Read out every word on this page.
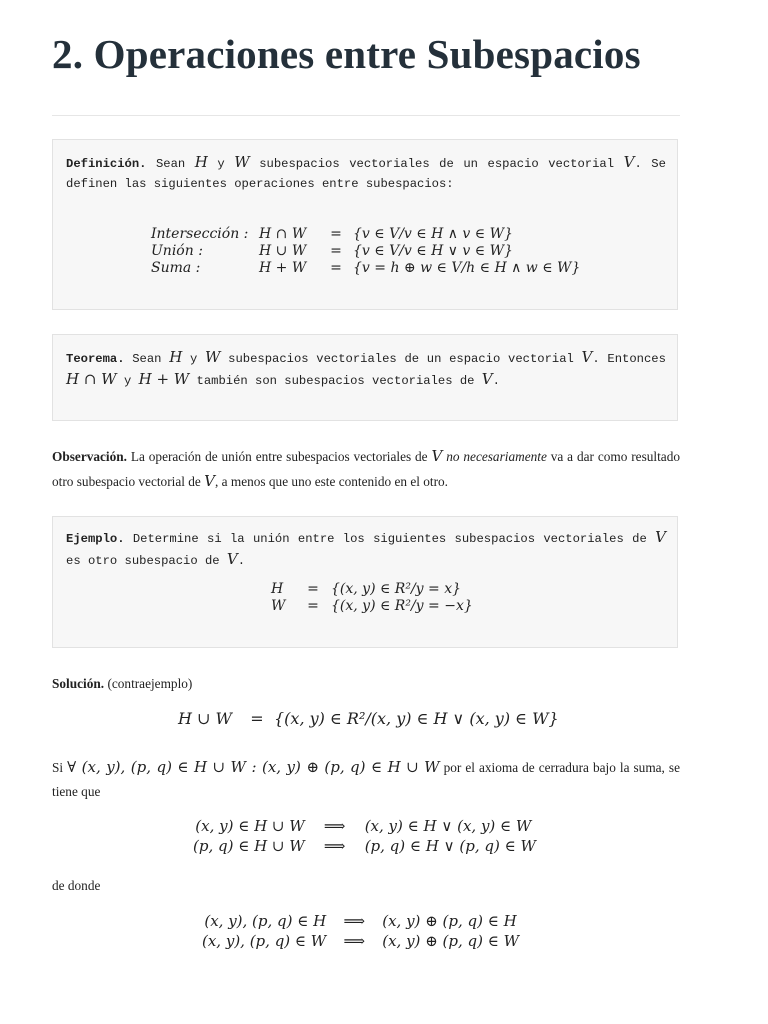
2. Operaciones entre Subespacios
Definición. Sean H y W subespacios vectoriales de un espacio vectorial V. Se definen las siguientes operaciones entre subespacios:
Intersección : H ∩ W	= {v ∈ V/v ∈ H ∧ v ∈ W}
Unión :	H ∪ W	= {v ∈ V/v ∈ H ∨ v ∈ W}
Suma :	H + W	= {v = h ⊕ w ∈ V/h ∈ H ∧ w ∈ W}
Teorema. Sean H y W subespacios vectoriales de un espacio vectorial V. Entonces H ∩ W y H + W también son subespacios vectoriales de V.
Observación. La operación de unión entre subespacios vectoriales de V no necesariamente va a dar como resultado otro subespacio vectorial de V, a menos que uno este contenido en el otro.
Ejemplo. Determine si la unión entre los siguientes subespacios vectoriales de V es otro subespacio de V.
H	= {(x, y) ∈ R²/y = x}
W	= {(x, y) ∈ R²/y = −x}
Solución. (contraejemplo)
H ∪ W	= {(x, y) ∈ R²/(x, y) ∈ H ∨ (x, y) ∈ W}
Si ∀ (x, y), (p, q) ∈ H ∪ W : (x, y) ⊕ (p, q) ∈ H ∪ W por el axioma de cerradura bajo la suma, se tiene que
(x, y) ∈ H ∪ W	⟹	(x, y) ∈ H ∨ (x, y) ∈ W
(p, q) ∈ H ∪ W	⟹	(p, q) ∈ H ∨ (p, q) ∈ W
de donde
(x, y), (p, q) ∈ H	⟹	(x, y) ⊕ (p, q) ∈ H
(x, y), (p, q) ∈ W	⟹	(x, y) ⊕ (p, q) ∈ W
